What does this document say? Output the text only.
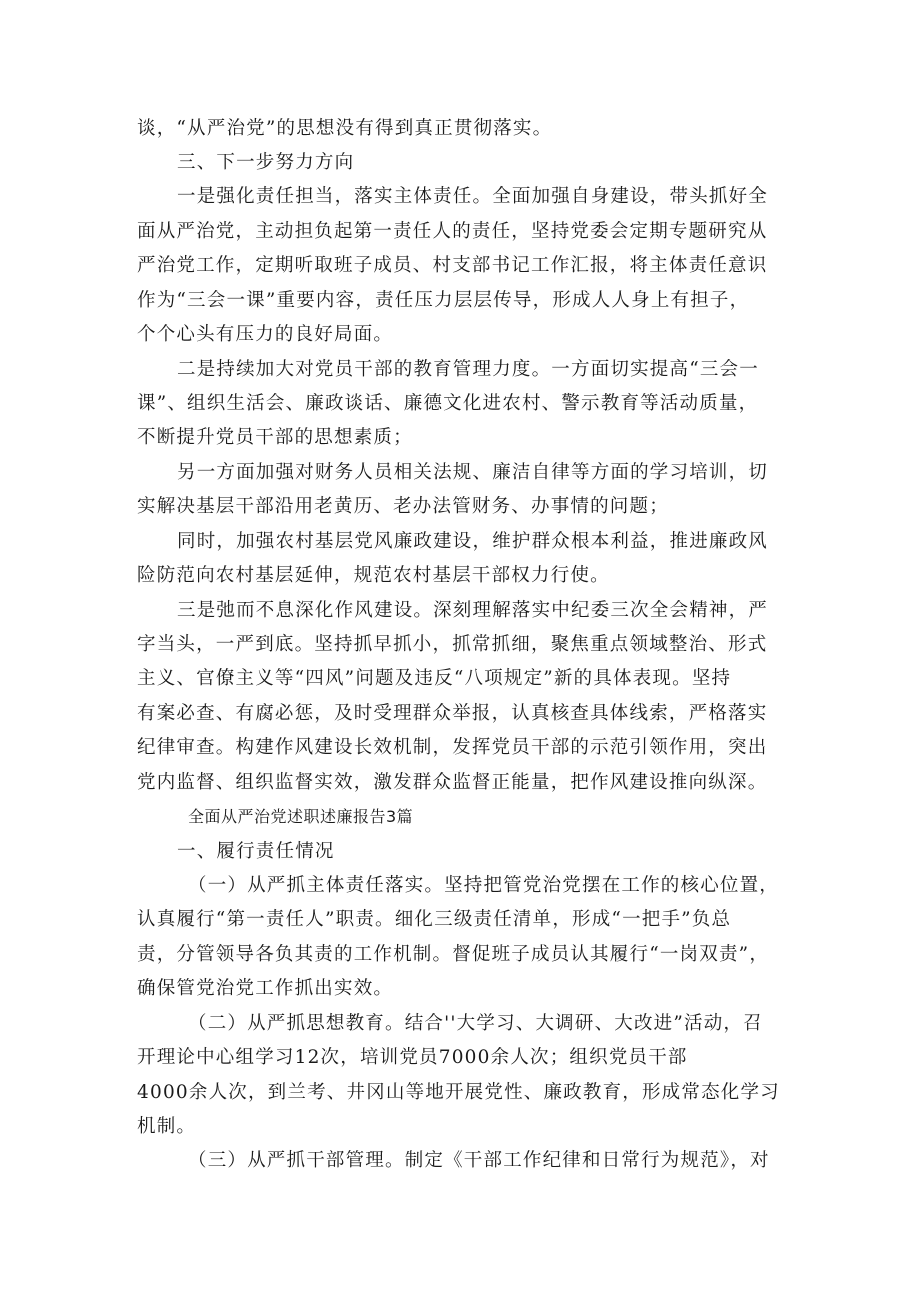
谈，“从严治党”的思想没有得到真正贯彻落实。
三、下一步努力方向
一是强化责任担当，落实主体责任。全面加强自身建设，带头抓好全
面从严治党，主动担负起第一责任人的责任，坚持党委会定期专题研究从
严治党工作，定期听取班子成员、村支部书记工作汇报，将主体责任意识
作为“三会一课”重要内容，责任压力层层传导，形成人人身上有担子，
个个心头有压力的良好局面。
二是持续加大对党员干部的教育管理力度。一方面切实提高“三会一
课”、组织生活会、廉政谈话、廉德文化进农村、警示教育等活动质量，
不断提升党员干部的思想素质；
另一方面加强对财务人员相关法规、廉洁自律等方面的学习培训，切
实解决基层干部沿用老黄历、老办法管财务、办事情的问题；
同时，加强农村基层党风廉政建设，维护群众根本利益，推进廉政风
险防范向农村基层延伸，规范农村基层干部权力行使。
三是弛而不息深化作风建设。深刻理解落实中纪委三次全会精神，严
字当头，一严到底。坚持抓早抓小，抓常抓细，聚焦重点领域整治、形式
主义、官僚主义等“四风”问题及违反“八项规定”新的具体表现。坚持
有案必查、有腐必惩，及时受理群众举报，认真核查具体线索，严格落实
纪律审查。构建作风建设长效机制，发挥党员干部的示范引领作用，突出
党内监督、组织监督实效，激发群众监督正能量，把作风建设推向纵深。
全面从严治党述职述廉报告3篇
一、履行责任情况
（一）从严抓主体责任落实。坚持把管党治党摆在工作的核心位置，
认真履行“第一责任人”职责。细化三级责任清单，形成“一把手”负总
责，分管领导各负其责的工作机制。督促班子成员认其履行“一岗双责”，
确保管党治党工作抓出实效。
（二）从严抓思想教育。结合''大学习、大调研、大改进”活动，召
开理论中心组学习12次，培训党员7000余人次；组织党员干部
4000余人次，到兰考、井冈山等地开展党性、廉政教育，形成常态化学习
机制。
（三）从严抓干部管理。制定《干部工作纪律和日常行为规范》，对
